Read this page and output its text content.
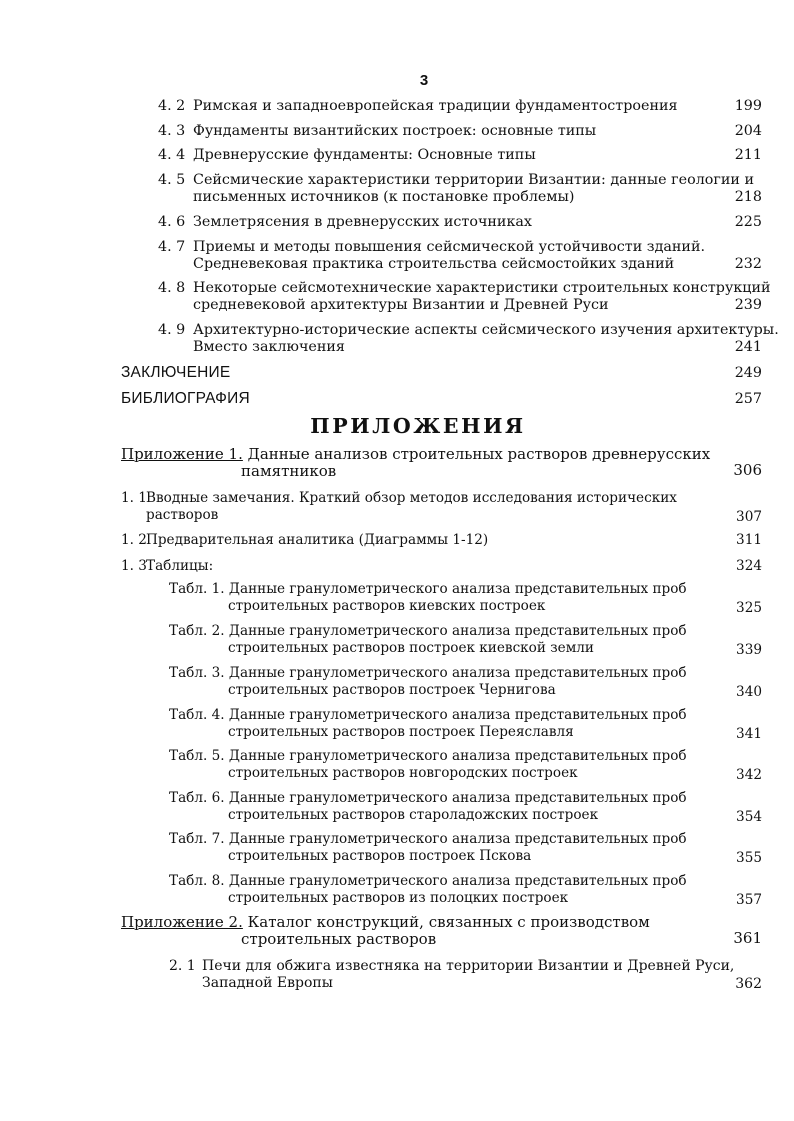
3
4. 2 Римская и западноевропейская традиции фундаментостроения	199
4. 3 Фундаменты византийских построек: основные типы	204
4. 4 Древнерусские фундаменты: Основные типы	211
4. 5 Сейсмические характеристики территории Византии: данные геологии и
письменных источников (к постановке проблемы)	218
4. 6 Землетрясения в древнерусских источниках	225
4. 7 Приемы и методы повышения сейсмической устойчивости зданий.
Средневековая практика строительства сейсмостойких зданий	232
4. 8 Некоторые сейсмотехнические характеристики строительных конструкций
средневековой архитектуры Византии и Древней Руси	239
4. 9 Архитектурно-исторические аспекты сейсмического изучения архитектуры.
Вместо заключения	241
ЗАКЛЮЧЕНИЕ	249
БИБЛИОГРАФИЯ	257
ПРИЛОЖЕНИЯ
Приложение 1. Данные анализов строительных растворов древнерусских
памятников	306
1. 1 Вводные замечания. Краткий обзор методов исследования исторических
растворов	307
1. 2 Предварительная аналитика (Диаграммы 1-12)	311
1. 3 Таблицы:	324
Табл. 1. Данные гранулометрического анализа представительных проб
строительных растворов киевских построек	325
Табл. 2. Данные гранулометрического анализа представительных проб
строительных растворов построек киевской земли	339
Табл. 3. Данные гранулометрического анализа представительных проб
строительных растворов построек Чернигова	340
Табл. 4. Данные гранулометрического анализа представительных проб
строительных растворов построек Переяславля	341
Табл. 5. Данные гранулометрического анализа представительных проб
строительных растворов новгородских построек	342
Табл. 6. Данные гранулометрического анализа представительных проб
строительных растворов староладожских построек	354
Табл. 7. Данные гранулометрического анализа представительных проб
строительных растворов построек Пскова	355
Табл. 8. Данные гранулометрического анализа представительных проб
строительных растворов из полоцких построек	357
Приложение 2. Каталог конструкций, связанных с производством
строительных растворов	361
2. 1 Печи для обжига известняка на территории Византии и Древней Руси,
Западной Европы	362
